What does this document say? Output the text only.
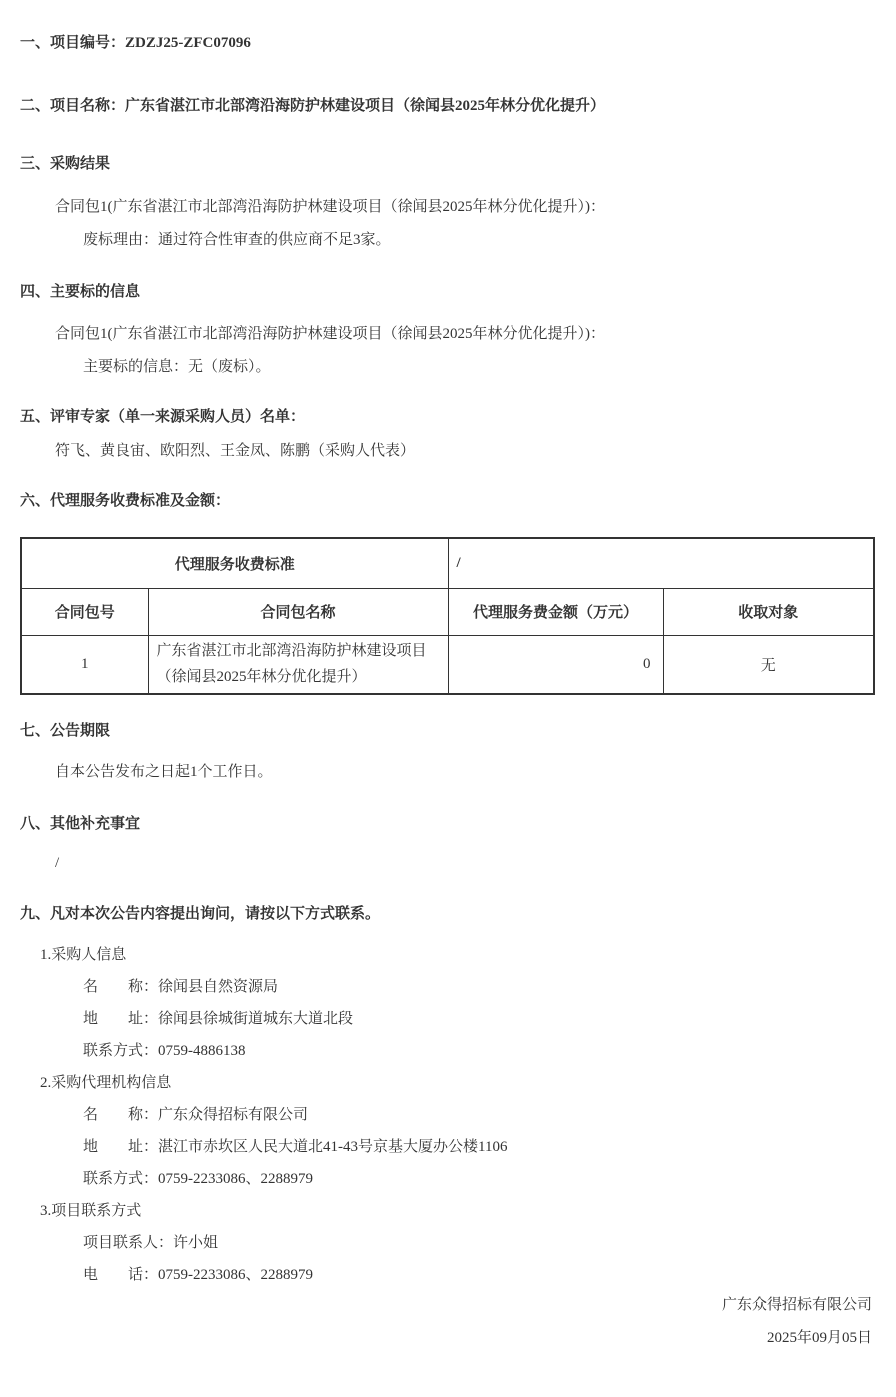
一、项目编号：ZDZJ25-ZFC07096

二、项目名称：广东省湛江市北部湾沿海防护林建设项目（徐闻县2025年林分优化提升）

三、采购结果

合同包1(广东省湛江市北部湾沿海防护林建设项目（徐闻县2025年林分优化提升）)：

废标理由：通过符合性审查的供应商不足3家。

四、主要标的信息

合同包1(广东省湛江市北部湾沿海防护林建设项目（徐闻县2025年林分优化提升）)：

主要标的信息：无（废标）。

五、评审专家（单一来源采购人员）名单：

符飞、黄良宙、欧阳烈、王金凤、陈鹏（采购人代表）

六、代理服务收费标准及金额：

代理服务收费标准		/	
合同包号	合同包名称	代理服务费金额（万元）	收取对象
1	广东省湛江市北部湾沿海防护林建设项目（徐闻县2025年林分优化提升）	0	无

七、公告期限

自本公告发布之日起1个工作日。

八、其他补充事宜

/

九、凡对本次公告内容提出询问，请按以下方式联系。

1.采购人信息

名　　称：徐闻县自然资源局

地　　址：徐闻县徐城街道城东大道北段

联系方式：0759-4886138

2.采购代理机构信息

名　　称：广东众得招标有限公司

地　　址：湛江市赤坎区人民大道北41-43号京基大厦办公楼1106

联系方式：0759-2233086、2288979

3.项目联系方式

项目联系人：许小姐

电　　话：0759-2233086、2288979

广东众得招标有限公司

2025年09月05日
